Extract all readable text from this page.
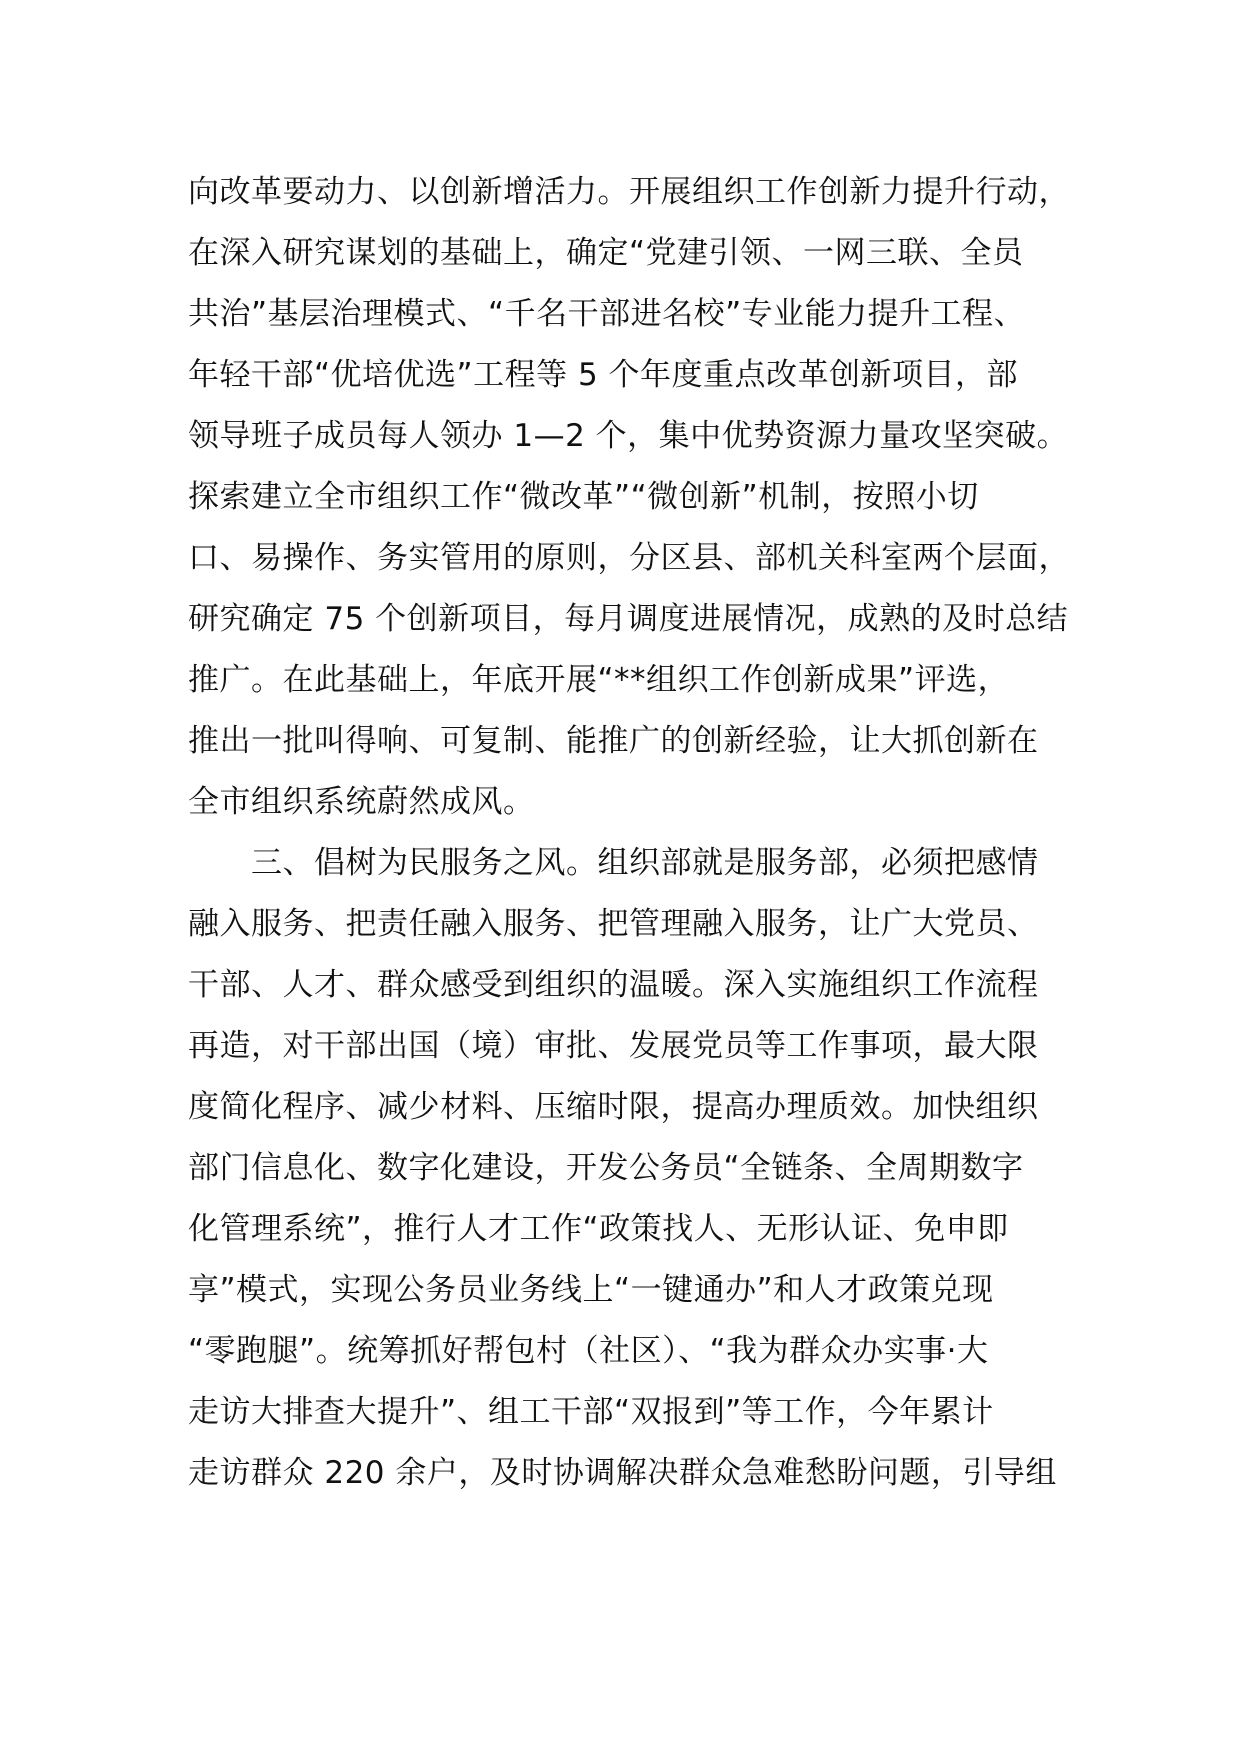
向改革要动力、以创新增活力。开展组织工作创新力提升行动，
在深入研究谋划的基础上，确定“党建引领、一网三联、全员
共治”基层治理模式、“千名干部进名校”专业能力提升工程、
年轻干部“优培优选”工程等 5 个年度重点改革创新项目，部
领导班子成员每人领办 1—2 个，集中优势资源力量攻坚突破。
探索建立全市组织工作“微改革”“微创新”机制，按照小切
口、易操作、务实管用的原则，分区县、部机关科室两个层面，
研究确定 75 个创新项目，每月调度进展情况，成熟的及时总结
推广。在此基础上，年底开展“**组织工作创新成果”评选，
推出一批叫得响、可复制、能推广的创新经验，让大抓创新在
全市组织系统蔚然成风。
　　三、倡树为民服务之风。组织部就是服务部，必须把感情
融入服务、把责任融入服务、把管理融入服务，让广大党员、
干部、人才、群众感受到组织的温暖。深入实施组织工作流程
再造，对干部出国（境）审批、发展党员等工作事项，最大限
度简化程序、减少材料、压缩时限，提高办理质效。加快组织
部门信息化、数字化建设，开发公务员“全链条、全周期数字
化管理系统”，推行人才工作“政策找人、无形认证、免申即
享”模式，实现公务员业务线上“一键通办”和人才政策兑现
“零跑腿”。统筹抓好帮包村（社区）、“我为群众办实事·大
走访大排查大提升”、组工干部“双报到”等工作，今年累计
走访群众 220 余户，及时协调解决群众急难愁盼问题，引导组
